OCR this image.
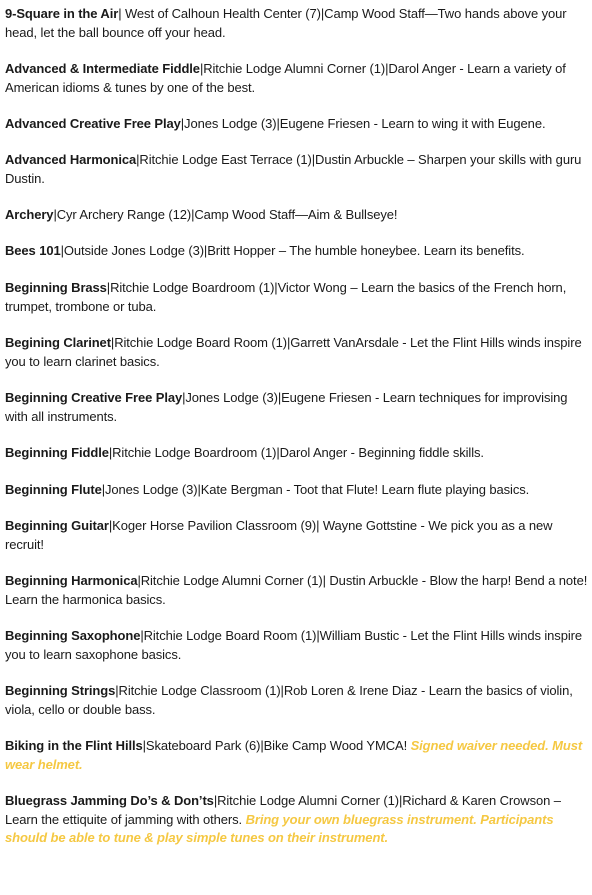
9-Square in the Air| West of Calhoun Health Center (7)|Camp Wood Staff—Two hands above your head, let the ball bounce off your head.
Advanced & Intermediate Fiddle|Ritchie Lodge Alumni Corner (1)|Darol Anger - Learn a variety of American idioms & tunes by one of the best.
Advanced Creative Free Play|Jones Lodge (3)|Eugene Friesen - Learn to wing it with Eugene.
Advanced Harmonica|Ritchie Lodge East Terrace (1)|Dustin Arbuckle – Sharpen your skills with guru Dustin.
Archery|Cyr Archery Range (12)|Camp Wood Staff—Aim & Bullseye!
Bees 101|Outside Jones Lodge (3)|Britt Hopper – The humble honeybee. Learn its benefits.
Beginning Brass|Ritchie Lodge Boardroom (1)|Victor Wong – Learn the basics of the French horn, trumpet, trombone or tuba.
Begining Clarinet|Ritchie Lodge Board Room (1)|Garrett VanArsdale - Let the Flint Hills winds inspire you to learn clarinet basics.
Beginning Creative Free Play|Jones Lodge (3)|Eugene Friesen - Learn techniques for improvising with all instruments.
Beginning Fiddle|Ritchie Lodge Boardroom (1)|Darol Anger - Beginning fiddle skills.
Beginning Flute|Jones Lodge (3)|Kate Bergman - Toot that Flute! Learn flute playing basics.
Beginning Guitar|Koger Horse Pavilion Classroom (9)| Wayne Gottstine - We pick you as a new recruit!
Beginning Harmonica|Ritchie Lodge Alumni Corner (1)| Dustin Arbuckle - Blow the harp! Bend a note! Learn the harmonica basics.
Beginning Saxophone|Ritchie Lodge Board Room (1)|William Bustic - Let the Flint Hills winds inspire you to learn saxophone basics.
Beginning Strings|Ritchie Lodge Classroom (1)|Rob Loren & Irene Diaz - Learn the basics of violin, viola, cello or double bass.
Biking in the Flint Hills|Skateboard Park (6)|Bike Camp Wood YMCA! Signed waiver needed. Must wear helmet.
Bluegrass Jamming Do’s & Don’ts|Ritchie Lodge Alumni Corner (1)|Richard & Karen Crowson – Learn the ettiquite of jamming with others. Bring your own bluegrass instrument. Participants should be able to tune & play simple tunes on their instrument.
